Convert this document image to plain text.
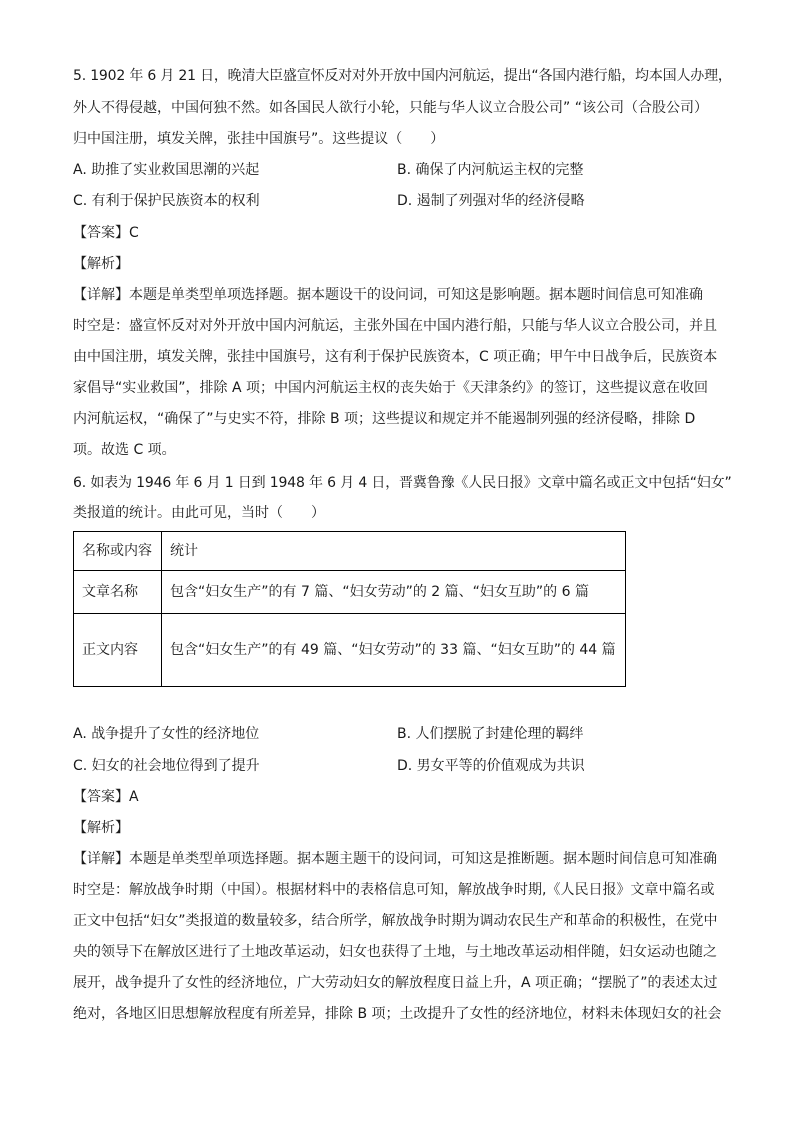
5. 1902 年 6 月 21 日，晚清大臣盛宣怀反对对外开放中国内河航运，提出“各国内港行船，均本国人办理，
外人不得侵越，中国何独不然。如各国民人欲行小轮，只能与华人议立合股公司” “该公司（合股公司）
归中国注册，填发关牌，张挂中国旗号”。这些提议（　　）
A. 助推了实业救国思潮的兴起	B. 确保了内河航运主权的完整
C. 有利于保护民族资本的权利	D. 遏制了列强对华的经济侵略
【答案】C
【解析】
【详解】本题是单类型单项选择题。据本题设干的设问词，可知这是影响题。据本题时间信息可知准确
时空是：盛宣怀反对对外开放中国内河航运，主张外国在中国内港行船，只能与华人议立合股公司，并且
由中国注册，填发关牌，张挂中国旗号，这有利于保护民族资本，C 项正确；甲午中日战争后，民族资本
家倡导“实业救国”，排除 A 项；中国内河航运主权的丧失始于《天津条约》的签订，这些提议意在收回
内河航运权，“确保了”与史实不符，排除 B 项；这些提议和规定并不能遏制列强的经济侵略，排除 D
项。故选 C 项。
6. 如表为 1946 年 6 月 1 日到 1948 年 6 月 4 日，晋冀鲁豫《人民日报》文章中篇名或正文中包括“妇女”
类报道的统计。由此可见，当时（　　）
名称或内容	统计
文章名称	包含“妇女生产”的有 7 篇、“妇女劳动”的 2 篇、“妇女互助”的 6 篇
正文内容	包含“妇女生产”的有 49 篇、“妇女劳动”的 33 篇、“妇女互助”的 44 篇
A. 战争提升了女性的经济地位	B. 人们摆脱了封建伦理的羁绊
C. 妇女的社会地位得到了提升	D. 男女平等的价值观成为共识
【答案】A
【解析】
【详解】本题是单类型单项选择题。据本题主题干的设问词，可知这是推断题。据本题时间信息可知准确
时空是：解放战争时期（中国）。根据材料中的表格信息可知，解放战争时期,《人民日报》文章中篇名或
正文中包括“妇女”类报道的数量较多，结合所学，解放战争时期为调动农民生产和革命的积极性，在党中
央的领导下在解放区进行了土地改革运动，妇女也获得了土地，与土地改革运动相伴随，妇女运动也随之
展开，战争提升了女性的经济地位，广大劳动妇女的解放程度日益上升，A 项正确；“摆脱了”的表述太过
绝对，各地区旧思想解放程度有所差异，排除 B 项；土改提升了女性的经济地位，材料未体现妇女的社会
